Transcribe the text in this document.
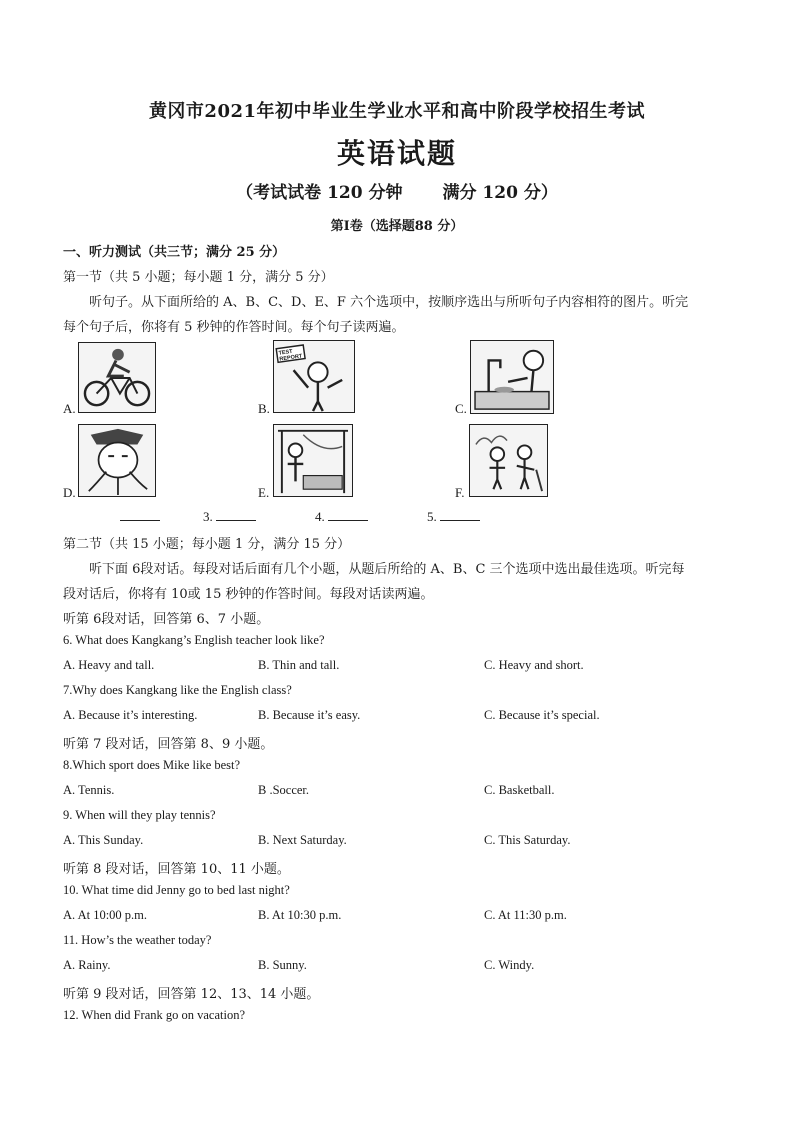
黄冈市2021年初中毕业生学业水平和高中阶段学校招生考试
英语试题
（考试试卷 120 分钟 满分 120 分）
第Ⅰ卷（选择题88 分）
一、听力测试（共三节；满分 25 分）
第一节（共 5 小题；每小题 1 分，满分 5 分）
听句子。从下面所给的 A、B、C、D、E、F 六个选项中，按顺序选出与所听句子内容相符的图片。听完
每个句子后，你将有 5 秒钟的作答时间。每个句子读两遍。
A.	B.
TEST REPORT
C.
D.	E.	F.
3.	4.	5.
第二节（共 15 小题；每小题 1 分，满分 15 分）
听下面 6段对话。每段对话后面有几个小题，从题后所给的 A、B、C 三个选项中选出最佳选项。听完每
段对话后，你将有 10或 15 秒钟的作答时间。每段对话读两遍。
听第 6段对话，回答第 6、7 小题。
6. What does Kangkang’s English teacher look like?
A. Heavy and tall.	B. Thin and tall.	C. Heavy and short.
7.Why does Kangkang like the English class?
A. Because it’s interesting.	B. Because it’s easy.	C. Because it’s special.
听第 7 段对话，回答第 8、9 小题。
8.Which sport does Mike like best?
A. Tennis.	B .Soccer.	C. Basketball.
9. When will they play tennis?
A. This Sunday.	B. Next Saturday.	C. This Saturday.
听第 8 段对话，回答第 10、11 小题。
10. What time did Jenny go to bed last night?
A. At 10:00 p.m.	B. At 10:30 p.m.	C. At 11:30 p.m.
11. How’s the weather today?
A. Rainy.	B. Sunny.	C. Windy.
听第 9 段对话，回答第 12、13、14 小题。
12. When did Frank go on vacation?
